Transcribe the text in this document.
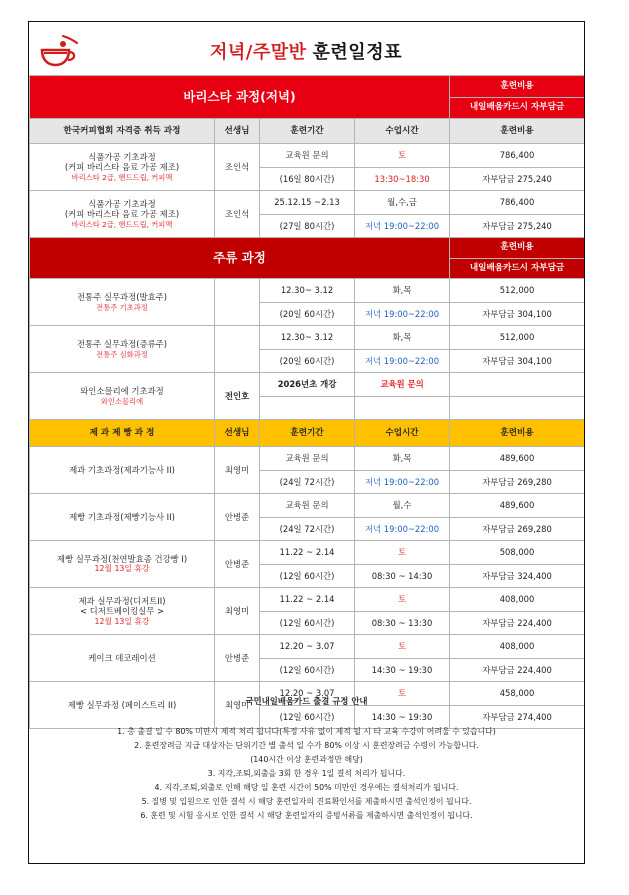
저녁/주말반 훈련일정표
바리스타 과정(저녁)				훈련비용
				내일배움카드시 자부담금
한국커피협회 자격증 취득 과정	선생님	훈련기간	수업시간	훈련비용
식품가공 기초과정
(커피 바리스타 음료 가공 제조)
바리스타 2급, 핸드드립, 커피맥	조인석	교육원 문의	토	786,400
		(16일 80시간)	13:30~18:30	자부담금 275,240
식품가공 기초과정
(커피 바리스타 음료 가공 제조)
바리스타 2급, 핸드드립, 커피맥	조인석	25.12.15 ~2.13	월,수,금	786,400
		(27일 80시간)	저녁 19:00~22:00	자부담금 275,240
주류 과정				훈련비용
				내일배움카드시 자부담금
전통주 실무과정(발효주)
전통주 기초과정		12.30~ 3.12	화,목	512,000
		(20일 60시간)	저녁 19:00~22:00	자부담금 304,100
전통주 실무과정(증류주)
전통주 심화과정		12.30~ 3.12	화,목	512,000
		(20일 60시간)	저녁 19:00~22:00	자부담금 304,100
와인소믈리에 기초과정
와인소믈리에	전인호	2026년초 개강	교육원 문의	

제 과 제 빵 과 정	선생님	훈련기간	수업시간	훈련비용
제과 기초과정(제과기능사 II)	최영미	교육원 문의	화,목	489,600
		(24일 72시간)	저녁 19:00~22:00	자부담금 269,280
제빵 기초과정(제빵기능사 II)	안병준	교육원 문의	월,수	489,600
		(24일 72시간)	저녁 19:00~22:00	자부담금 269,280
제빵 실무과정(천연발효종 건강빵 I)
12월 13일 휴강	안병준	11.22 ~ 2.14	토	508,000
		(12일 60시간)	08:30 ~ 14:30	자부담금 324,400
제과 실무과정(디저트II)
< 디저트베이킹실무 >
12월 13일 휴강	최영미	11.22 ~ 2.14	토	408,000
		(12일 60시간)	08:30 ~ 13:30	자부담금 224,400
케이크 데코레이션	안병준	12.20 ~ 3.07	토	408,000
		(12일 60시간)	14:30 ~ 19:30	자부담금 224,400
제빵 실무과정 (페이스트리 II)	최영미	12.20 ~ 3.07	토	458,000
		(12일 60시간)	14:30 ~ 19:30	자부담금 274,400
국민내일배움카드 출결 규정 안내
1. 총 출결 일 수 80% 미만시 제적 처리 됩니다(특정 사유 없이 제적 될 시 타 교육 수강이 어려울 수 있습니다)
2. 훈련장려금 지급 대상자는 단위기간 별 출석 일 수가 80% 이상 시 훈련장려금 수령이 가능합니다.
(140시간 이상 훈련과정만 해당)
3. 지각,조퇴,외출을 3회 한 경우 1일 결석 처리가 됩니다.
4. 지각,조퇴,외출로 인해 해당 일 훈련 시간이 50% 미만인 경우에는 결석처리가 됩니다.
5. 질병 및 입원으로 인한 결석 시 해당 훈련일자의 진료확인서를 제출하시면 출석인정이 됩니다.
6. 훈련 및 시험 응시로 인한 결석 시 해당 훈련일자의 증빙서류를 제출하시면 출석인정이 됩니다.
